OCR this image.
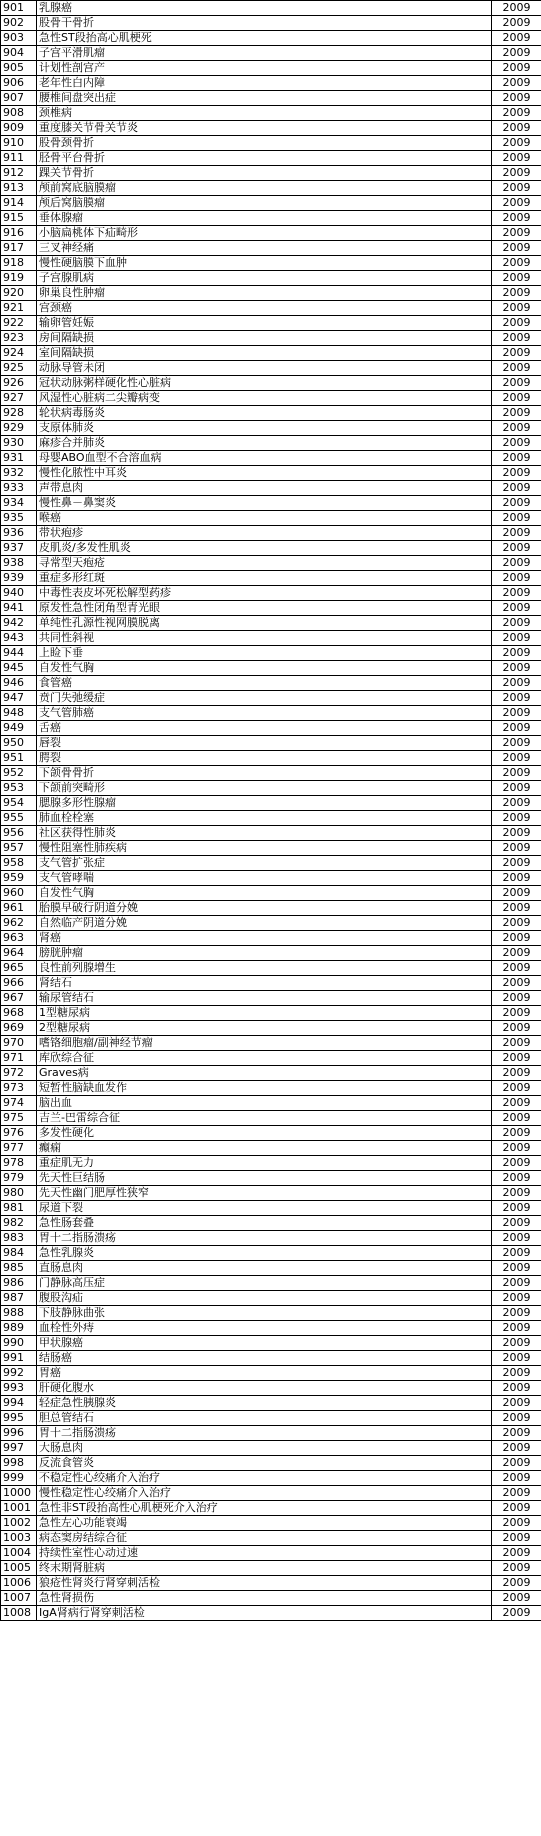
901	乳腺癌	2009
902	股骨干骨折	2009
903	急性ST段抬高心肌梗死	2009
904	子宫平滑肌瘤	2009
905	计划性剖宫产	2009
906	老年性白内障	2009
907	腰椎间盘突出症	2009
908	颈椎病	2009
909	重度膝关节骨关节炎	2009
910	股骨颈骨折	2009
911	胫骨平台骨折	2009
912	踝关节骨折	2009
913	颅前窝底脑膜瘤	2009
914	颅后窝脑膜瘤	2009
915	垂体腺瘤	2009
916	小脑扁桃体下疝畸形	2009
917	三叉神经痛	2009
918	慢性硬脑膜下血肿	2009
919	子宫腺肌病	2009
920	卵巢良性肿瘤	2009
921	宫颈癌	2009
922	输卵管妊娠	2009
923	房间隔缺损	2009
924	室间隔缺损	2009
925	动脉导管未闭	2009
926	冠状动脉粥样硬化性心脏病	2009
927	风湿性心脏病二尖瓣病变	2009
928	轮状病毒肠炎	2009
929	支原体肺炎	2009
930	麻疹合并肺炎	2009
931	母婴ABO血型不合溶血病	2009
932	慢性化脓性中耳炎	2009
933	声带息肉	2009
934	慢性鼻－鼻窦炎	2009
935	喉癌	2009
936	带状疱疹	2009
937	皮肌炎/多发性肌炎	2009
938	寻常型天疱疮	2009
939	重症多形红斑	2009
940	中毒性表皮坏死松解型药疹	2009
941	原发性急性闭角型青光眼	2009
942	单纯性孔源性视网膜脱离	2009
943	共同性斜视	2009
944	上睑下垂	2009
945	自发性气胸	2009
946	食管癌	2009
947	贲门失弛缓症	2009
948	支气管肺癌	2009
949	舌癌	2009
950	唇裂	2009
951	腭裂	2009
952	下颌骨骨折	2009
953	下颌前突畸形	2009
954	腮腺多形性腺瘤	2009
955	肺血栓栓塞	2009
956	社区获得性肺炎	2009
957	慢性阻塞性肺疾病	2009
958	支气管扩张症	2009
959	支气管哮喘	2009
960	自发性气胸	2009
961	胎膜早破行阴道分娩	2009
962	自然临产阴道分娩	2009
963	肾癌	2009
964	膀胱肿瘤	2009
965	良性前列腺增生	2009
966	肾结石	2009
967	输尿管结石	2009
968	1型糖尿病	2009
969	2型糖尿病	2009
970	嗜铬细胞瘤/副神经节瘤	2009
971	库欣综合征	2009
972	Graves病	2009
973	短暂性脑缺血发作	2009
974	脑出血	2009
975	吉兰-巴雷综合征	2009
976	多发性硬化	2009
977	癫痫	2009
978	重症肌无力	2009
979	先天性巨结肠	2009
980	先天性幽门肥厚性狭窄	2009
981	尿道下裂	2009
982	急性肠套叠	2009
983	胃十二指肠溃疡	2009
984	急性乳腺炎	2009
985	直肠息肉	2009
986	门静脉高压症	2009
987	腹股沟疝	2009
988	下肢静脉曲张	2009
989	血栓性外痔	2009
990	甲状腺癌	2009
991	结肠癌	2009
992	胃癌	2009
993	肝硬化腹水	2009
994	轻症急性胰腺炎	2009
995	胆总管结石	2009
996	胃十二指肠溃疡	2009
997	大肠息肉	2009
998	反流食管炎	2009
999	不稳定性心绞痛介入治疗	2009
1000	慢性稳定性心绞痛介入治疗	2009
1001	急性非ST段抬高性心肌梗死介入治疗	2009
1002	急性左心功能衰竭	2009
1003	病态窦房结综合征	2009
1004	持续性室性心动过速	2009
1005	终末期肾脏病	2009
1006	狼疮性肾炎行肾穿刺活检	2009
1007	急性肾损伤	2009
1008	IgA肾病行肾穿刺活检	2009
